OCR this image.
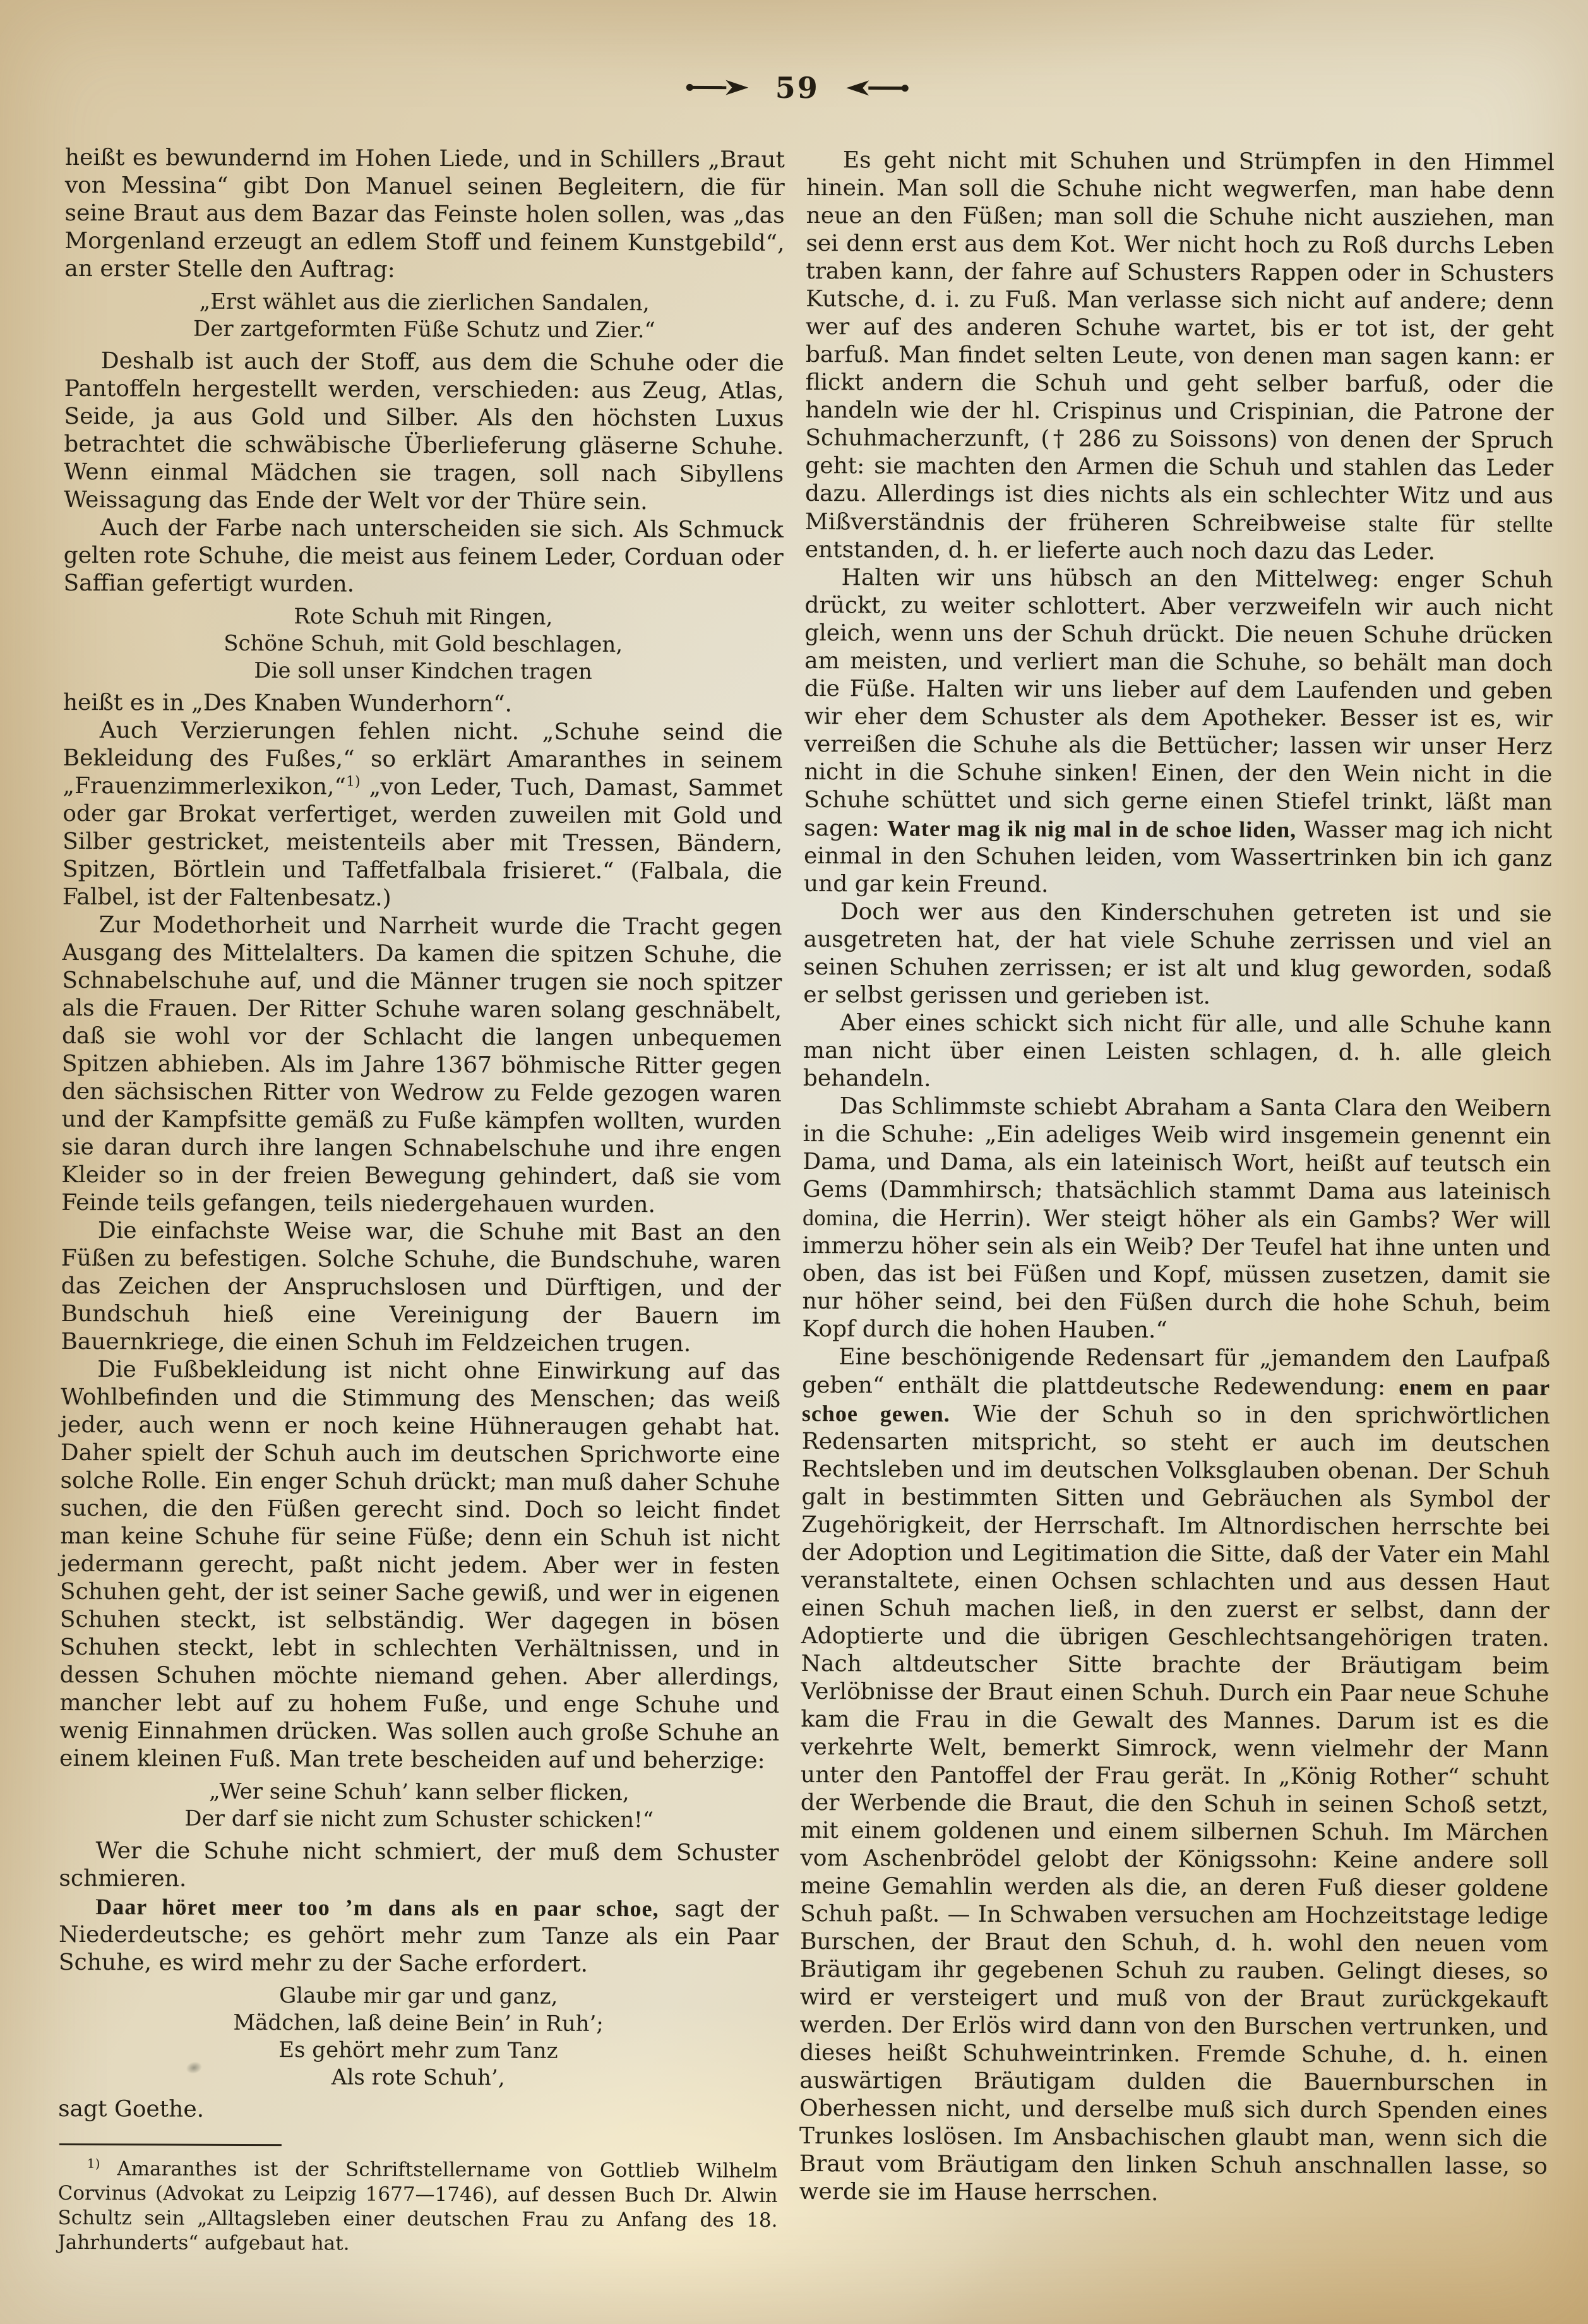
59

heißt es bewundernd im Hohen Liede, und in Schillers „Braut von Messina“ gibt Don Manuel seinen Begleitern, die für seine Braut aus dem Bazar das Feinste holen sollen, was „das Morgenland erzeugt an edlem Stoff und feinem Kunstgebild“, an erster Stelle den Auftrag:

„Erst wählet aus die zierlichen Sandalen,
Der zartgeformten Füße Schutz und Zier.“

Deshalb ist auch der Stoff, aus dem die Schuhe oder die Pantoffeln hergestellt werden, verschieden: aus Zeug, Atlas, Seide, ja aus Gold und Silber. Als den höchsten Luxus betrachtet die schwäbische Überlieferung gläserne Schuhe. Wenn einmal Mädchen sie tragen, soll nach Sibyllens Weissagung das Ende der Welt vor der Thüre sein.

Auch der Farbe nach unterscheiden sie sich. Als Schmuck gelten rote Schuhe, die meist aus feinem Leder, Corduan oder Saffian gefertigt wurden.

Rote Schuh mit Ringen,
Schöne Schuh, mit Gold beschlagen,
Die soll unser Kindchen tragen

heißt es in „Des Knaben Wunderhorn“.

Auch Verzierungen fehlen nicht. „Schuhe seind die Bekleidung des Fußes,“ so erklärt Amaranthes in seinem „Frauenzimmerlexikon,“$^{1)}$ „von Leder, Tuch, Damast, Sammet oder gar Brokat verfertiget, werden zuweilen mit Gold und Silber gestricket, meistenteils aber mit Tressen, Bändern, Spitzen, Börtlein und Taffetfalbala frisieret.“ (Falbala, die Falbel, ist der Faltenbesatz.)

Zur Modethorheit und Narrheit wurde die Tracht gegen Ausgang des Mittelalters. Da kamen die spitzen Schuhe, die Schnabelschuhe auf, und die Männer trugen sie noch spitzer als die Frauen. Der Ritter Schuhe waren solang geschnäbelt, daß sie wohl vor der Schlacht die langen unbequemen Spitzen abhieben. Als im Jahre 1367 böhmische Ritter gegen den sächsischen Ritter von Wedrow zu Felde gezogen waren und der Kampfsitte gemäß zu Fuße kämpfen wollten, wurden sie daran durch ihre langen Schnabelschuhe und ihre engen Kleider so in der freien Bewegung gehindert, daß sie vom Feinde teils gefangen, teils niedergehauen wurden.

Die einfachste Weise war, die Schuhe mit Bast an den Füßen zu befestigen. Solche Schuhe, die Bundschuhe, waren das Zeichen der Anspruchslosen und Dürftigen, und der Bundschuh hieß eine Vereinigung der Bauern im Bauernkriege, die einen Schuh im Feldzeichen trugen.

Die Fußbekleidung ist nicht ohne Einwirkung auf das Wohlbefinden und die Stimmung des Menschen; das weiß jeder, auch wenn er noch keine Hühneraugen gehabt hat. Daher spielt der Schuh auch im deutschen Sprichworte eine solche Rolle. Ein enger Schuh drückt; man muß daher Schuhe suchen, die den Füßen gerecht sind. Doch so leicht findet man keine Schuhe für seine Füße; denn ein Schuh ist nicht jedermann gerecht, paßt nicht jedem. Aber wer in festen Schuhen geht, der ist seiner Sache gewiß, und wer in eigenen Schuhen steckt, ist selbständig. Wer dagegen in bösen Schuhen steckt, lebt in schlechten Verhältnissen, und in dessen Schuhen möchte niemand gehen. Aber allerdings, mancher lebt auf zu hohem Fuße, und enge Schuhe und wenig Einnahmen drücken. Was sollen auch große Schuhe an einem kleinen Fuß. Man trete bescheiden auf und beherzige:

„Wer seine Schuh’ kann selber flicken,
Der darf sie nicht zum Schuster schicken!“

Wer die Schuhe nicht schmiert, der muß dem Schuster schmieren.

Daar höret meer too ’m dans als en paar schoe, sagt der Niederdeutsche; es gehört mehr zum Tanze als ein Paar Schuhe, es wird mehr zu der Sache erfordert.

Glaube mir gar und ganz,
Mädchen, laß deine Bein’ in Ruh’;
Es gehört mehr zum Tanz
Als rote Schuh’,

sagt Goethe.

$^{1)}$ Amaranthes ist der Schriftstellername von Gottlieb Wilhelm Corvinus (Advokat zu Leipzig 1677—1746), auf dessen Buch Dr. Alwin Schultz sein „Alltagsleben einer deutschen Frau zu Anfang des 18. Jahrhunderts“ aufgebaut hat.

Es geht nicht mit Schuhen und Strümpfen in den Himmel hinein. Man soll die Schuhe nicht wegwerfen, man habe denn neue an den Füßen; man soll die Schuhe nicht ausziehen, man sei denn erst aus dem Kot. Wer nicht hoch zu Roß durchs Leben traben kann, der fahre auf Schusters Rappen oder in Schusters Kutsche, d. i. zu Fuß. Man verlasse sich nicht auf andere; denn wer auf des anderen Schuhe wartet, bis er tot ist, der geht barfuß. Man findet selten Leute, von denen man sagen kann: er flickt andern die Schuh und geht selber barfuß, oder die handeln wie der hl. Crispinus und Crispinian, die Patrone der Schuhmacherzunft, († 286 zu Soissons) von denen der Spruch geht: sie machten den Armen die Schuh und stahlen das Leder dazu. Allerdings ist dies nichts als ein schlechter Witz und aus Mißverständnis der früheren Schreibweise stalte für stellte entstanden, d. h. er lieferte auch noch dazu das Leder.

Halten wir uns hübsch an den Mittelweg: enger Schuh drückt, zu weiter schlottert. Aber verzweifeln wir auch nicht gleich, wenn uns der Schuh drückt. Die neuen Schuhe drücken am meisten, und verliert man die Schuhe, so behält man doch die Füße. Halten wir uns lieber auf dem Laufenden und geben wir eher dem Schuster als dem Apotheker. Besser ist es, wir verreißen die Schuhe als die Bettücher; lassen wir unser Herz nicht in die Schuhe sinken! Einen, der den Wein nicht in die Schuhe schüttet und sich gerne einen Stiefel trinkt, läßt man sagen: Water mag ik nig mal in de schoe liden, Wasser mag ich nicht einmal in den Schuhen leiden, vom Wassertrinken bin ich ganz und gar kein Freund.

Doch wer aus den Kinderschuhen getreten ist und sie ausgetreten hat, der hat viele Schuhe zerrissen und viel an seinen Schuhen zerrissen; er ist alt und klug geworden, sodaß er selbst gerissen und gerieben ist.

Aber eines schickt sich nicht für alle, und alle Schuhe kann man nicht über einen Leisten schlagen, d. h. alle gleich behandeln.

Das Schlimmste schiebt Abraham a Santa Clara den Weibern in die Schuhe: „Ein adeliges Weib wird insgemein genennt ein Dama, und Dama, als ein lateinisch Wort, heißt auf teutsch ein Gems (Dammhirsch; thatsächlich stammt Dama aus lateinisch domina, die Herrin). Wer steigt höher als ein Gambs? Wer will immerzu höher sein als ein Weib? Der Teufel hat ihne unten und oben, das ist bei Füßen und Kopf, müssen zusetzen, damit sie nur höher seind, bei den Füßen durch die hohe Schuh, beim Kopf durch die hohen Hauben.“

Eine beschönigende Redensart für „jemandem den Laufpaß geben“ enthält die plattdeutsche Redewendung: enem en paar schoe gewen. Wie der Schuh so in den sprichwörtlichen Redensarten mitspricht, so steht er auch im deutschen Rechtsleben und im deutschen Volksglauben obenan. Der Schuh galt in bestimmten Sitten und Gebräuchen als Symbol der Zugehörigkeit, der Herrschaft. Im Altnordischen herrschte bei der Adoption und Legitimation die Sitte, daß der Vater ein Mahl veranstaltete, einen Ochsen schlachten und aus dessen Haut einen Schuh machen ließ, in den zuerst er selbst, dann der Adoptierte und die übrigen Geschlechtsangehörigen traten. Nach altdeutscher Sitte brachte der Bräutigam beim Verlöbnisse der Braut einen Schuh. Durch ein Paar neue Schuhe kam die Frau in die Gewalt des Mannes. Darum ist es die verkehrte Welt, bemerkt Simrock, wenn vielmehr der Mann unter den Pantoffel der Frau gerät. In „König Rother“ schuht der Werbende die Braut, die den Schuh in seinen Schoß setzt, mit einem goldenen und einem silbernen Schuh. Im Märchen vom Aschenbrödel gelobt der Königssohn: Keine andere soll meine Gemahlin werden als die, an deren Fuß dieser goldene Schuh paßt. — In Schwaben versuchen am Hochzeitstage ledige Burschen, der Braut den Schuh, d. h. wohl den neuen vom Bräutigam ihr gegebenen Schuh zu rauben. Gelingt dieses, so wird er versteigert und muß von der Braut zurückgekauft werden. Der Erlös wird dann von den Burschen vertrunken, und dieses heißt Schuhweintrinken. Fremde Schuhe, d. h. einen auswärtigen Bräutigam dulden die Bauernburschen in Oberhessen nicht, und derselbe muß sich durch Spenden eines Trunkes loslösen. Im Ansbachischen glaubt man, wenn sich die Braut vom Bräutigam den linken Schuh anschnallen lasse, so werde sie im Hause herrschen.
